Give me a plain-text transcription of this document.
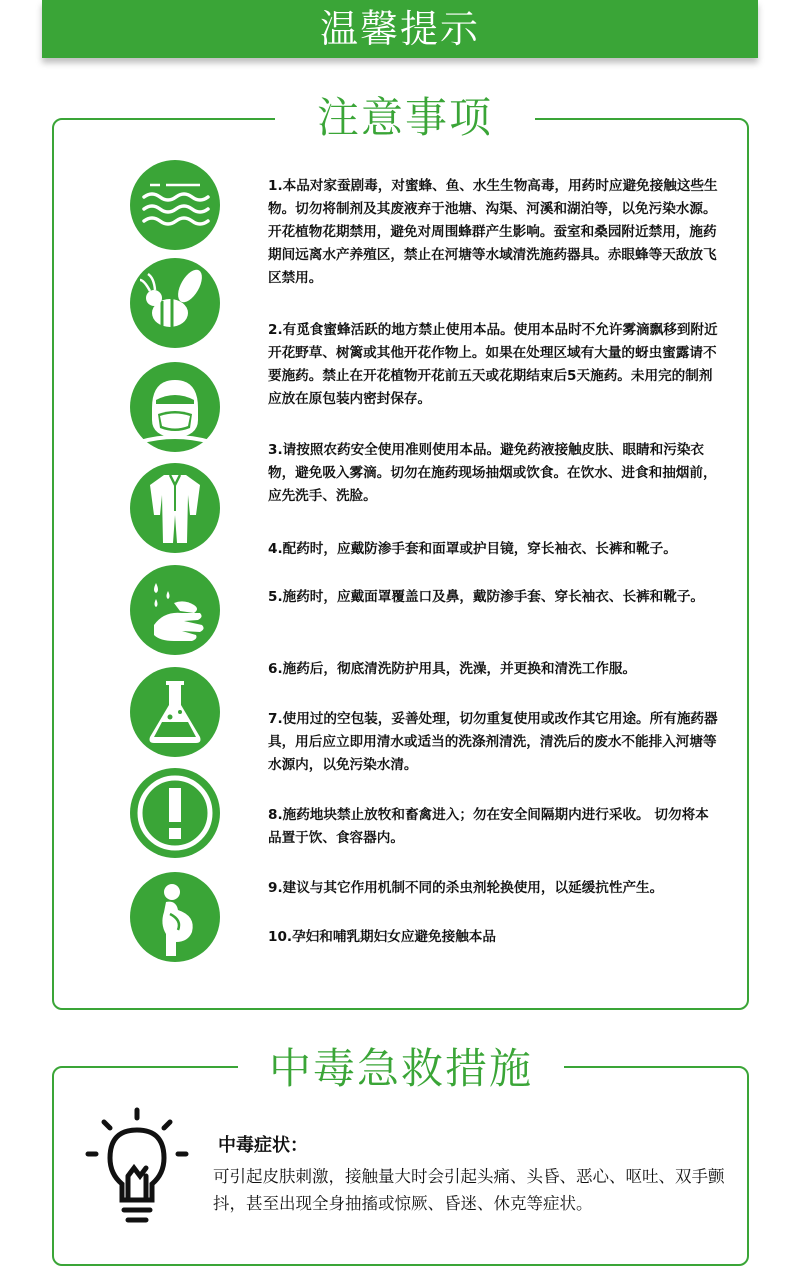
温馨提示
注意事项
1.本品对家蚕剧毒，对蜜蜂、鱼、水生生物高毒，用药时应避免接触这些生物。切勿将制剂及其废液弃于池塘、沟渠、河溪和湖泊等，以免污染水源。开花植物花期禁用，避免对周围蜂群产生影响。蚕室和桑园附近禁用，施药期间远离水产养殖区，禁止在河塘等水域清洗施药器具。赤眼蜂等天敌放飞区禁用。
2.有觅食蜜蜂活跃的地方禁止使用本品。使用本品时不允许雾滴飘移到附近开花野草、树篱或其他开花作物上。如果在处理区域有大量的蚜虫蜜露请不要施药。禁止在开花植物开花前五天或花期结束后5天施药。未用完的制剂应放在原包装内密封保存。
3.请按照农药安全使用准则使用本品。避免药液接触皮肤、眼睛和污染衣物，避免吸入雾滴。切勿在施药现场抽烟或饮食。在饮水、进食和抽烟前，应先洗手、洗脸。
4.配药时，应戴防渗手套和面罩或护目镜，穿长袖衣、长裤和靴子。
5.施药时，应戴面罩覆盖口及鼻，戴防渗手套、穿长袖衣、长裤和靴子。
6.施药后，彻底清洗防护用具，洗澡，并更换和清洗工作服。
7.使用过的空包装，妥善处理，切勿重复使用或改作其它用途。所有施药器具，用后应立即用清水或适当的洗涤剂清洗，清洗后的废水不能排入河塘等水源内，以免污染水清。
8.施药地块禁止放牧和畜禽进入；勿在安全间隔期内进行采收。 切勿将本品置于饮、食容器内。
9.建议与其它作用机制不同的杀虫剂轮换使用，以延缓抗性产生。
10.孕妇和哺乳期妇女应避免接触本品
中毒急救措施
中毒症状：
可引起皮肤刺激，接触量大时会引起头痛、头昏、恶心、呕吐、双手颤抖，甚至出现全身抽搐或惊厥、昏迷、休克等症状。
